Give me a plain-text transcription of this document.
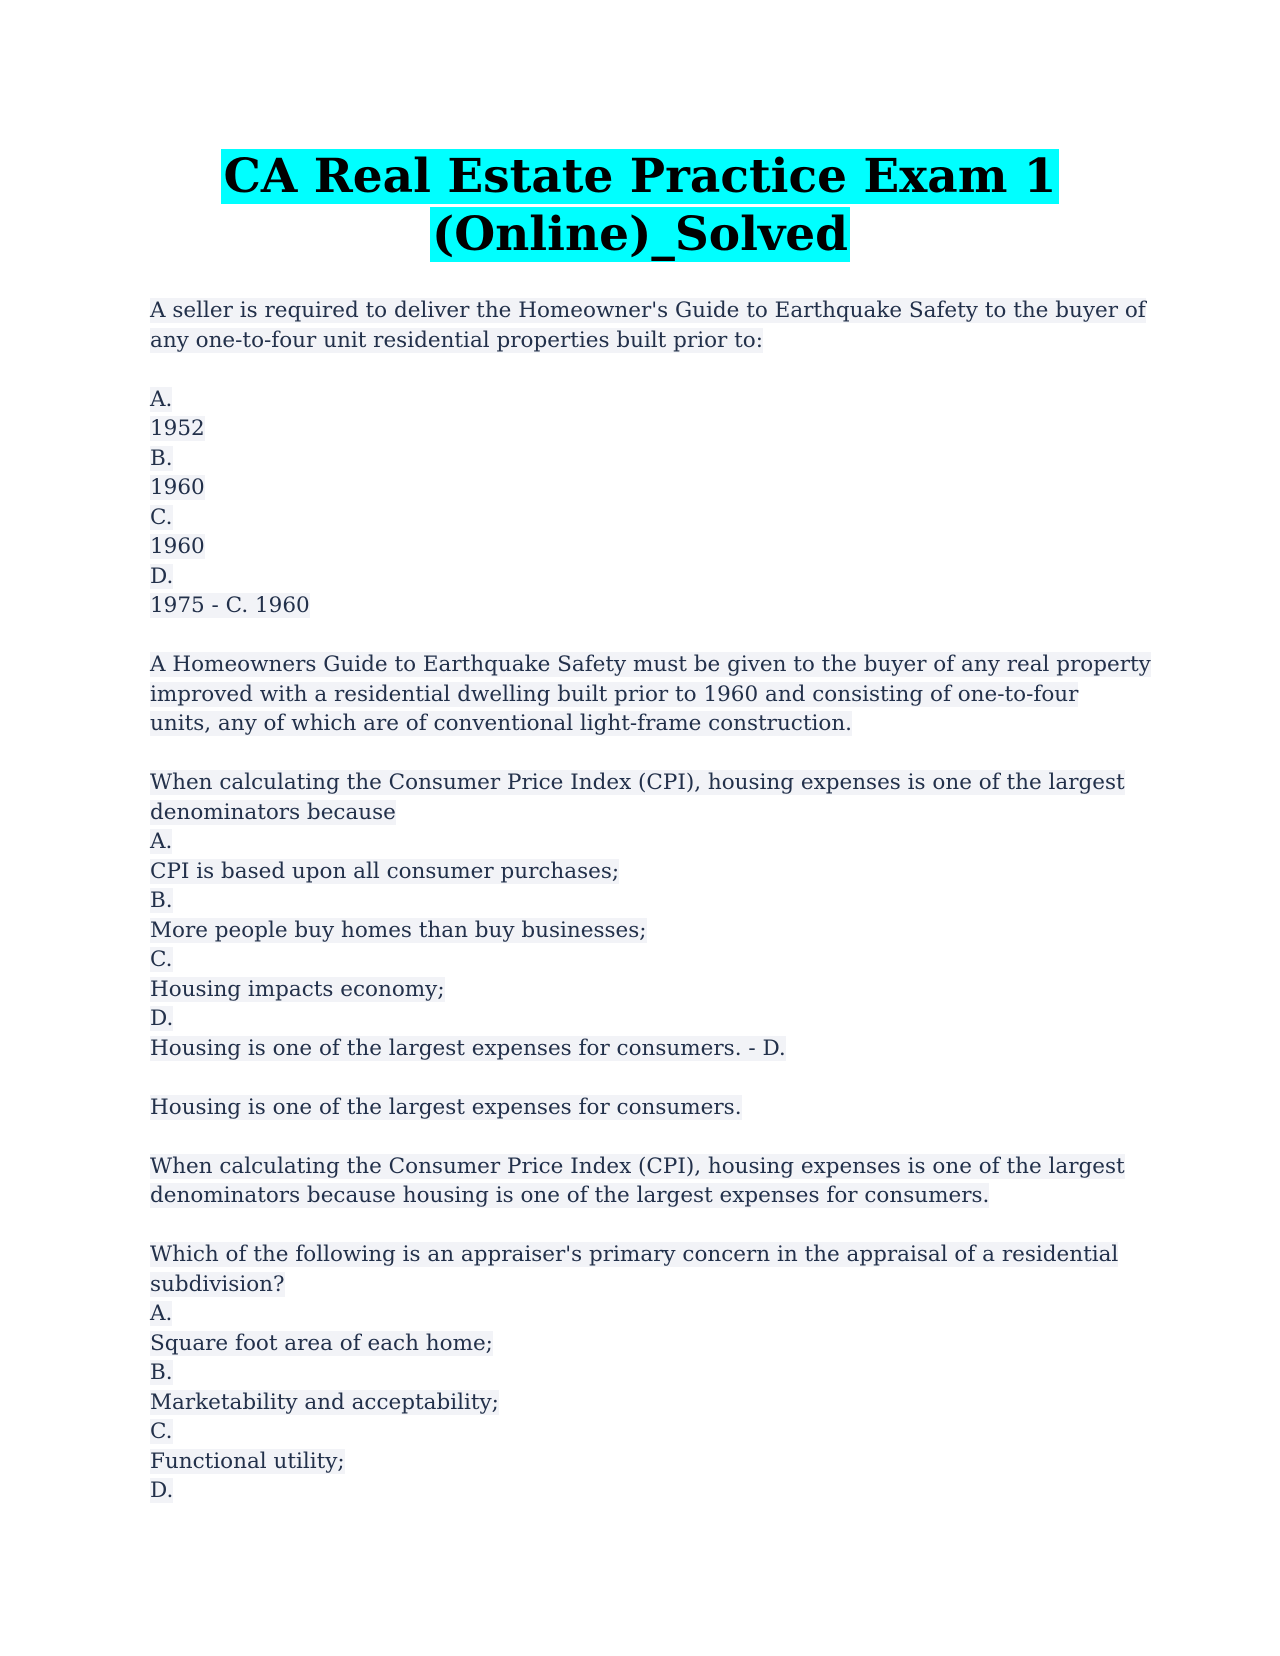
CA Real Estate Practice Exam 1
(Online)_Solved
A seller is required to deliver the Homeowner's Guide to Earthquake Safety to the buyer of
any one-to-four unit residential properties built prior to:
A.
1952
B.
1960
C.
1960
D.
1975 - C. 1960
A Homeowners Guide to Earthquake Safety must be given to the buyer of any real property
improved with a residential dwelling built prior to 1960 and consisting of one-to-four
units, any of which are of conventional light-frame construction.
When calculating the Consumer Price Index (CPI), housing expenses is one of the largest
denominators because
A.
CPI is based upon all consumer purchases;
B.
More people buy homes than buy businesses;
C.
Housing impacts economy;
D.
Housing is one of the largest expenses for consumers. - D.
Housing is one of the largest expenses for consumers.
When calculating the Consumer Price Index (CPI), housing expenses is one of the largest
denominators because housing is one of the largest expenses for consumers.
Which of the following is an appraiser's primary concern in the appraisal of a residential
subdivision?
A.
Square foot area of each home;
B.
Marketability and acceptability;
C.
Functional utility;
D.
